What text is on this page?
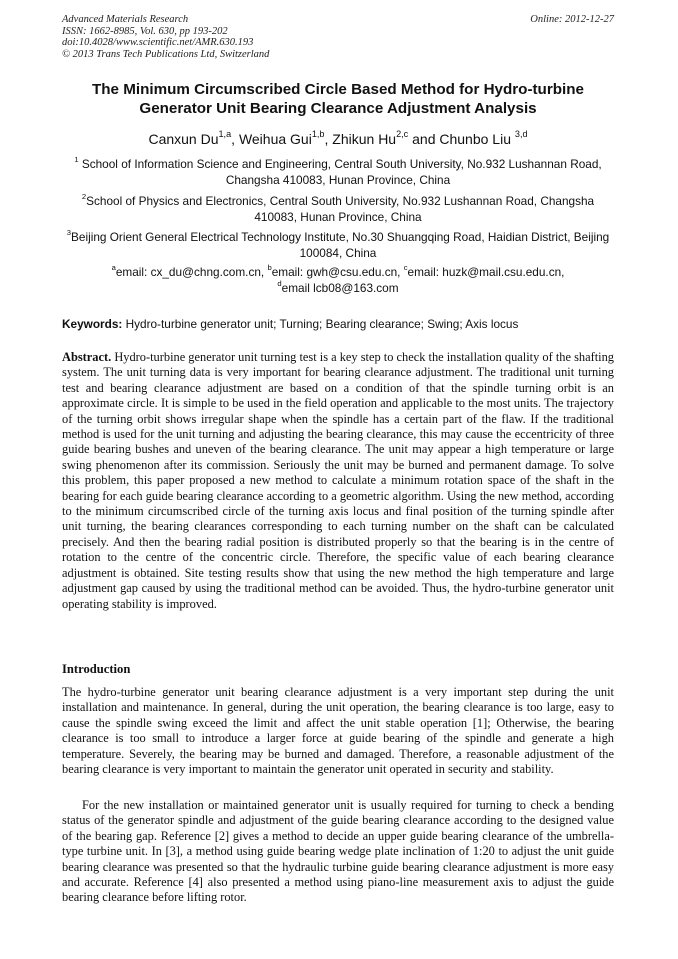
Advanced Materials Research
ISSN: 1662-8985, Vol. 630, pp 193-202
doi:10.4028/www.scientific.net/AMR.630.193
© 2013 Trans Tech Publications Ltd, Switzerland
Online: 2012-12-27
The Minimum Circumscribed Circle Based Method for Hydro-turbine Generator Unit Bearing Clearance Adjustment Analysis
Canxun Du$^{1,a}$, Weihua Gui$^{1,b}$, Zhikun Hu$^{2,c}$ and Chunbo Liu $^{3,d}$
$^1$ School of Information Science and Engineering, Central South University, No.932 Lushannan Road, Changsha 410083, Hunan Province, China
$^2$School of Physics and Electronics, Central South University, No.932 Lushannan Road, Changsha 410083, Hunan Province, China
$^3$Beijing Orient General Electrical Technology Institute, No.30 Shuangqing Road, Haidian District, Beijing 100084, China
$^a$email: cx_du@chng.com.cn, $^b$email: gwh@csu.edu.cn, $^c$email: huzk@mail.csu.edu.cn,
$^d$email lcb08@163.com
Keywords: Hydro-turbine generator unit; Turning; Bearing clearance; Swing; Axis locus

Abstract. Hydro-turbine generator unit turning test is a key step to check the installation quality of the shafting system. The unit turning data is very important for bearing clearance adjustment. The traditional unit turning test and bearing clearance adjustment are based on a condition of that the spindle turning orbit is an approximate circle. It is simple to be used in the field operation and applicable to the most units. The trajectory of the turning orbit shows irregular shape when the spindle has a certain part of the flaw. If the traditional method is used for the unit turning and adjusting the bearing clearance, this may cause the eccentricity of three guide bearing bushes and uneven of the bearing clearance. The unit may appear a high temperature or large swing phenomenon after its commission. Seriously the unit may be burned and permanent damage. To solve this problem, this paper proposed a new method to calculate a minimum rotation space of the shaft in the bearing for each guide bearing clearance according to a geometric algorithm. Using the new method, according to the minimum circumscribed circle of the turning axis locus and final position of the turning spindle after unit turning, the bearing clearances corresponding to each turning number on the shaft can be calculated precisely. And then the bearing radial position is distributed properly so that the bearing is in the centre of rotation to the centre of the concentric circle. Therefore, the specific value of each bearing clearance adjustment is obtained. Site testing results show that using the new method the high temperature and large adjustment gap caused by using the traditional method can be avoided. Thus, the hydro-turbine generator unit operating stability is improved.

Introduction

The hydro-turbine generator unit bearing clearance adjustment is a very important step during the unit installation and maintenance. In general, during the unit operation, the bearing clearance is too large, easy to cause the spindle swing exceed the limit and affect the unit stable operation [1]; Otherwise, the bearing clearance is too small to introduce a larger force at guide bearing of the spindle and generate a high temperature. Severely, the bearing may be burned and damaged. Therefore, a reasonable adjustment of the bearing clearance is very important to maintain the generator unit operated in security and stability.

For the new installation or maintained generator unit is usually required for turning to check a bending status of the generator spindle and adjustment of the guide bearing clearance according to the designed value of the bearing gap. Reference [2] gives a method to decide an upper guide bearing clearance of the umbrella-type turbine unit. In [3], a method using guide bearing wedge plate inclination of 1:20 to adjust the unit guide bearing clearance was presented so that the hydraulic turbine guide bearing clearance adjustment is more easy and accurate. Reference [4] also presented a method using piano-line measurement axis to adjust the guide bearing clearance before lifting rotor.
